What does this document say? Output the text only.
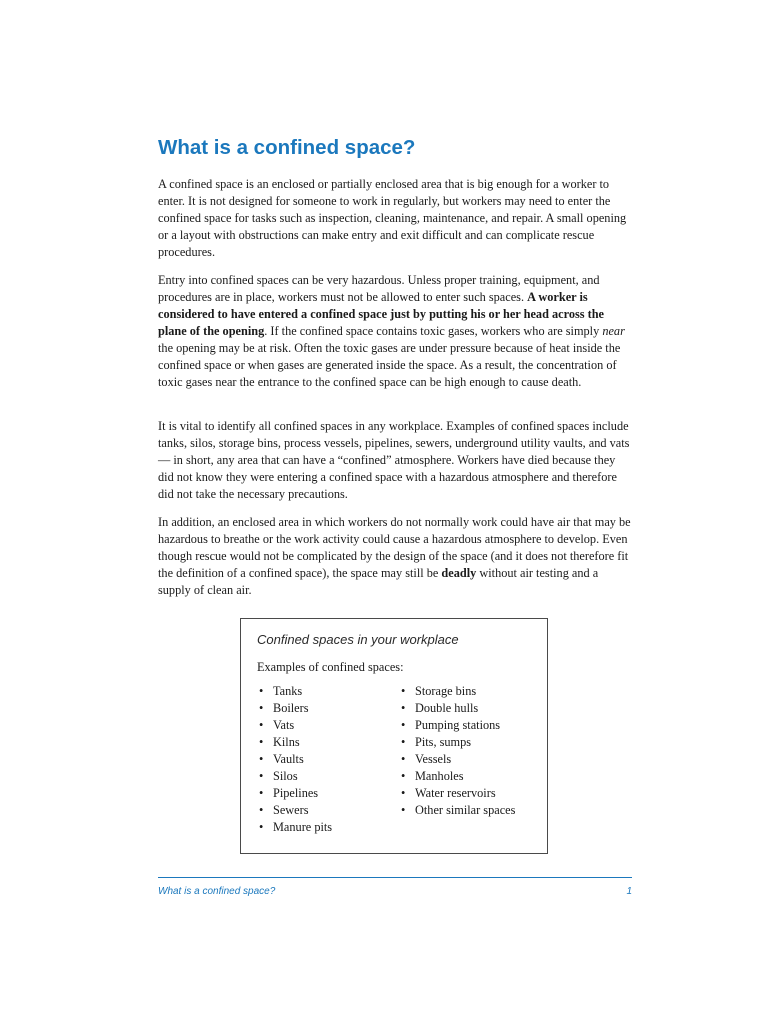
What is a confined space?

A confined space is an enclosed or partially enclosed area that is big enough for a worker to enter. It is not designed for someone to work in regularly, but workers may need to enter the confined space for tasks such as inspection, cleaning, maintenance, and repair. A small opening or a layout with obstructions can make entry and exit difficult and can complicate rescue procedures.

Entry into confined spaces can be very hazardous. Unless proper training, equipment, and procedures are in place, workers must not be allowed to enter such spaces. A worker is considered to have entered a confined space just by putting his or her head across the plane of the opening. If the confined space contains toxic gases, workers who are simply near the opening may be at risk. Often the toxic gases are under pressure because of heat inside the confined space or when gases are generated inside the space. As a result, the concentration of toxic gases near the entrance to the confined space can be high enough to cause death.

It is vital to identify all confined spaces in any workplace. Examples of confined spaces include tanks, silos, storage bins, process vessels, pipelines, sewers, underground utility vaults, and vats — in short, any area that can have a “confined” atmosphere. Workers have died because they did not know they were entering a confined space with a hazardous atmosphere and therefore did not take the necessary precautions.

In addition, an enclosed area in which workers do not normally work could have air that may be hazardous to breathe or the work activity could cause a hazardous atmosphere to develop. Even though rescue would not be complicated by the design of the space (and it does not therefore fit the definition of a confined space), the space may still be deadly without air testing and a supply of clean air.

Confined spaces in your workplace
Examples of confined spaces:
• Tanks
• Boilers
• Vats
• Kilns
• Vaults
• Silos
• Pipelines
• Sewers
• Manure pits
• Storage bins
• Double hulls
• Pumping stations
• Pits, sumps
• Vessels
• Manholes
• Water reservoirs
• Other similar spaces
What is a confined space?	1
